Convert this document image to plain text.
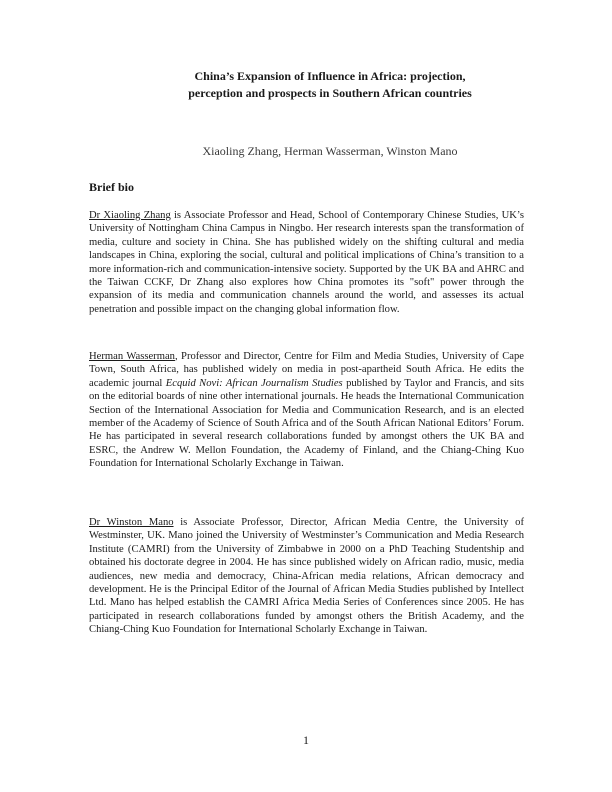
China’s Expansion of Influence in Africa: projection,
perception and prospects in Southern African countries
Xiaoling Zhang, Herman Wasserman, Winston Mano
Brief bio

Dr Xiaoling Zhang is Associate Professor and Head, School of Contemporary Chinese Studies, UK’s University of Nottingham China Campus in Ningbo. Her research interests span the transformation of media, culture and society in China. She has published widely on the shifting cultural and media landscapes in China, exploring the social, cultural and political implications of China’s transition to a more information-rich and communication-intensive society. Supported by the UK BA and AHRC and the Taiwan CCKF, Dr Zhang also explores how China promotes its "soft" power through the expansion of its media and communication channels around the world, and assesses its actual penetration and possible impact on the changing global information flow.

Herman Wasserman, Professor and Director, Centre for Film and Media Studies, University of Cape Town, South Africa, has published widely on media in post-apartheid South Africa. He edits the academic journal Ecquid Novi: African Journalism Studies published by Taylor and Francis, and sits on the editorial boards of nine other international journals. He heads the International Communication Section of the International Association for Media and Communication Research, and is an elected member of the Academy of Science of South Africa and of the South African National Editors’ Forum. He has participated in several research collaborations funded by amongst others the UK BA and ESRC, the Andrew W. Mellon Foundation, the Academy of Finland, and the Chiang-Ching Kuo Foundation for International Scholarly Exchange in Taiwan.

Dr Winston Mano is Associate Professor, Director, African Media Centre, the University of Westminster, UK. Mano joined the University of Westminster’s Communication and Media Research Institute (CAMRI) from the University of Zimbabwe in 2000 on a PhD Teaching Studentship and obtained his doctorate degree in 2004. He has since published widely on African radio, music, media audiences, new media and democracy, China-African media relations, African democracy and development. He is the Principal Editor of the Journal of African Media Studies published by Intellect Ltd. Mano has helped establish the CAMRI Africa Media Series of Conferences since 2005. He has participated in research collaborations funded by amongst others the British Academy, and the Chiang-Ching Kuo Foundation for International Scholarly Exchange in Taiwan.

1
